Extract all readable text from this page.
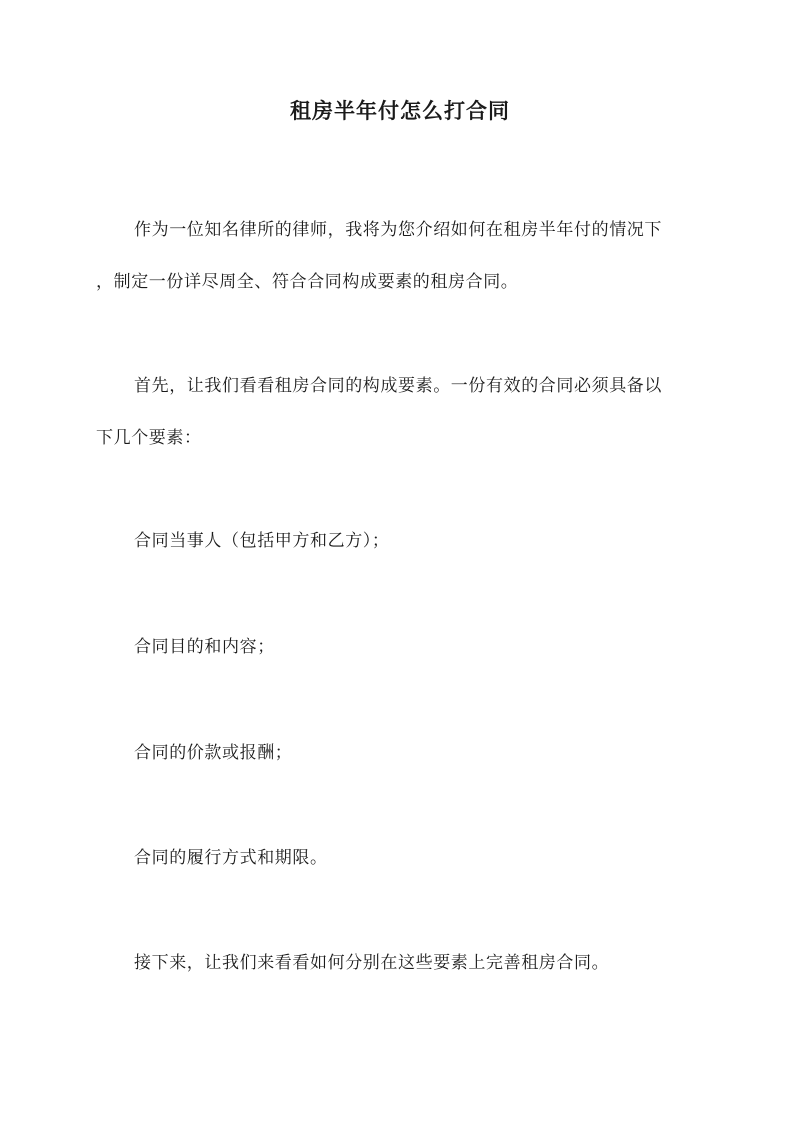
租房半年付怎么打合同

作为一位知名律所的律师，我将为您介绍如何在租房半年付的情况下
，制定一份详尽周全、符合合同构成要素的租房合同。

首先，让我们看看租房合同的构成要素。一份有效的合同必须具备以
下几个要素：

合同当事人（包括甲方和乙方）；

合同目的和内容；

合同的价款或报酬；

合同的履行方式和期限。

接下来，让我们来看看如何分别在这些要素上完善租房合同。
